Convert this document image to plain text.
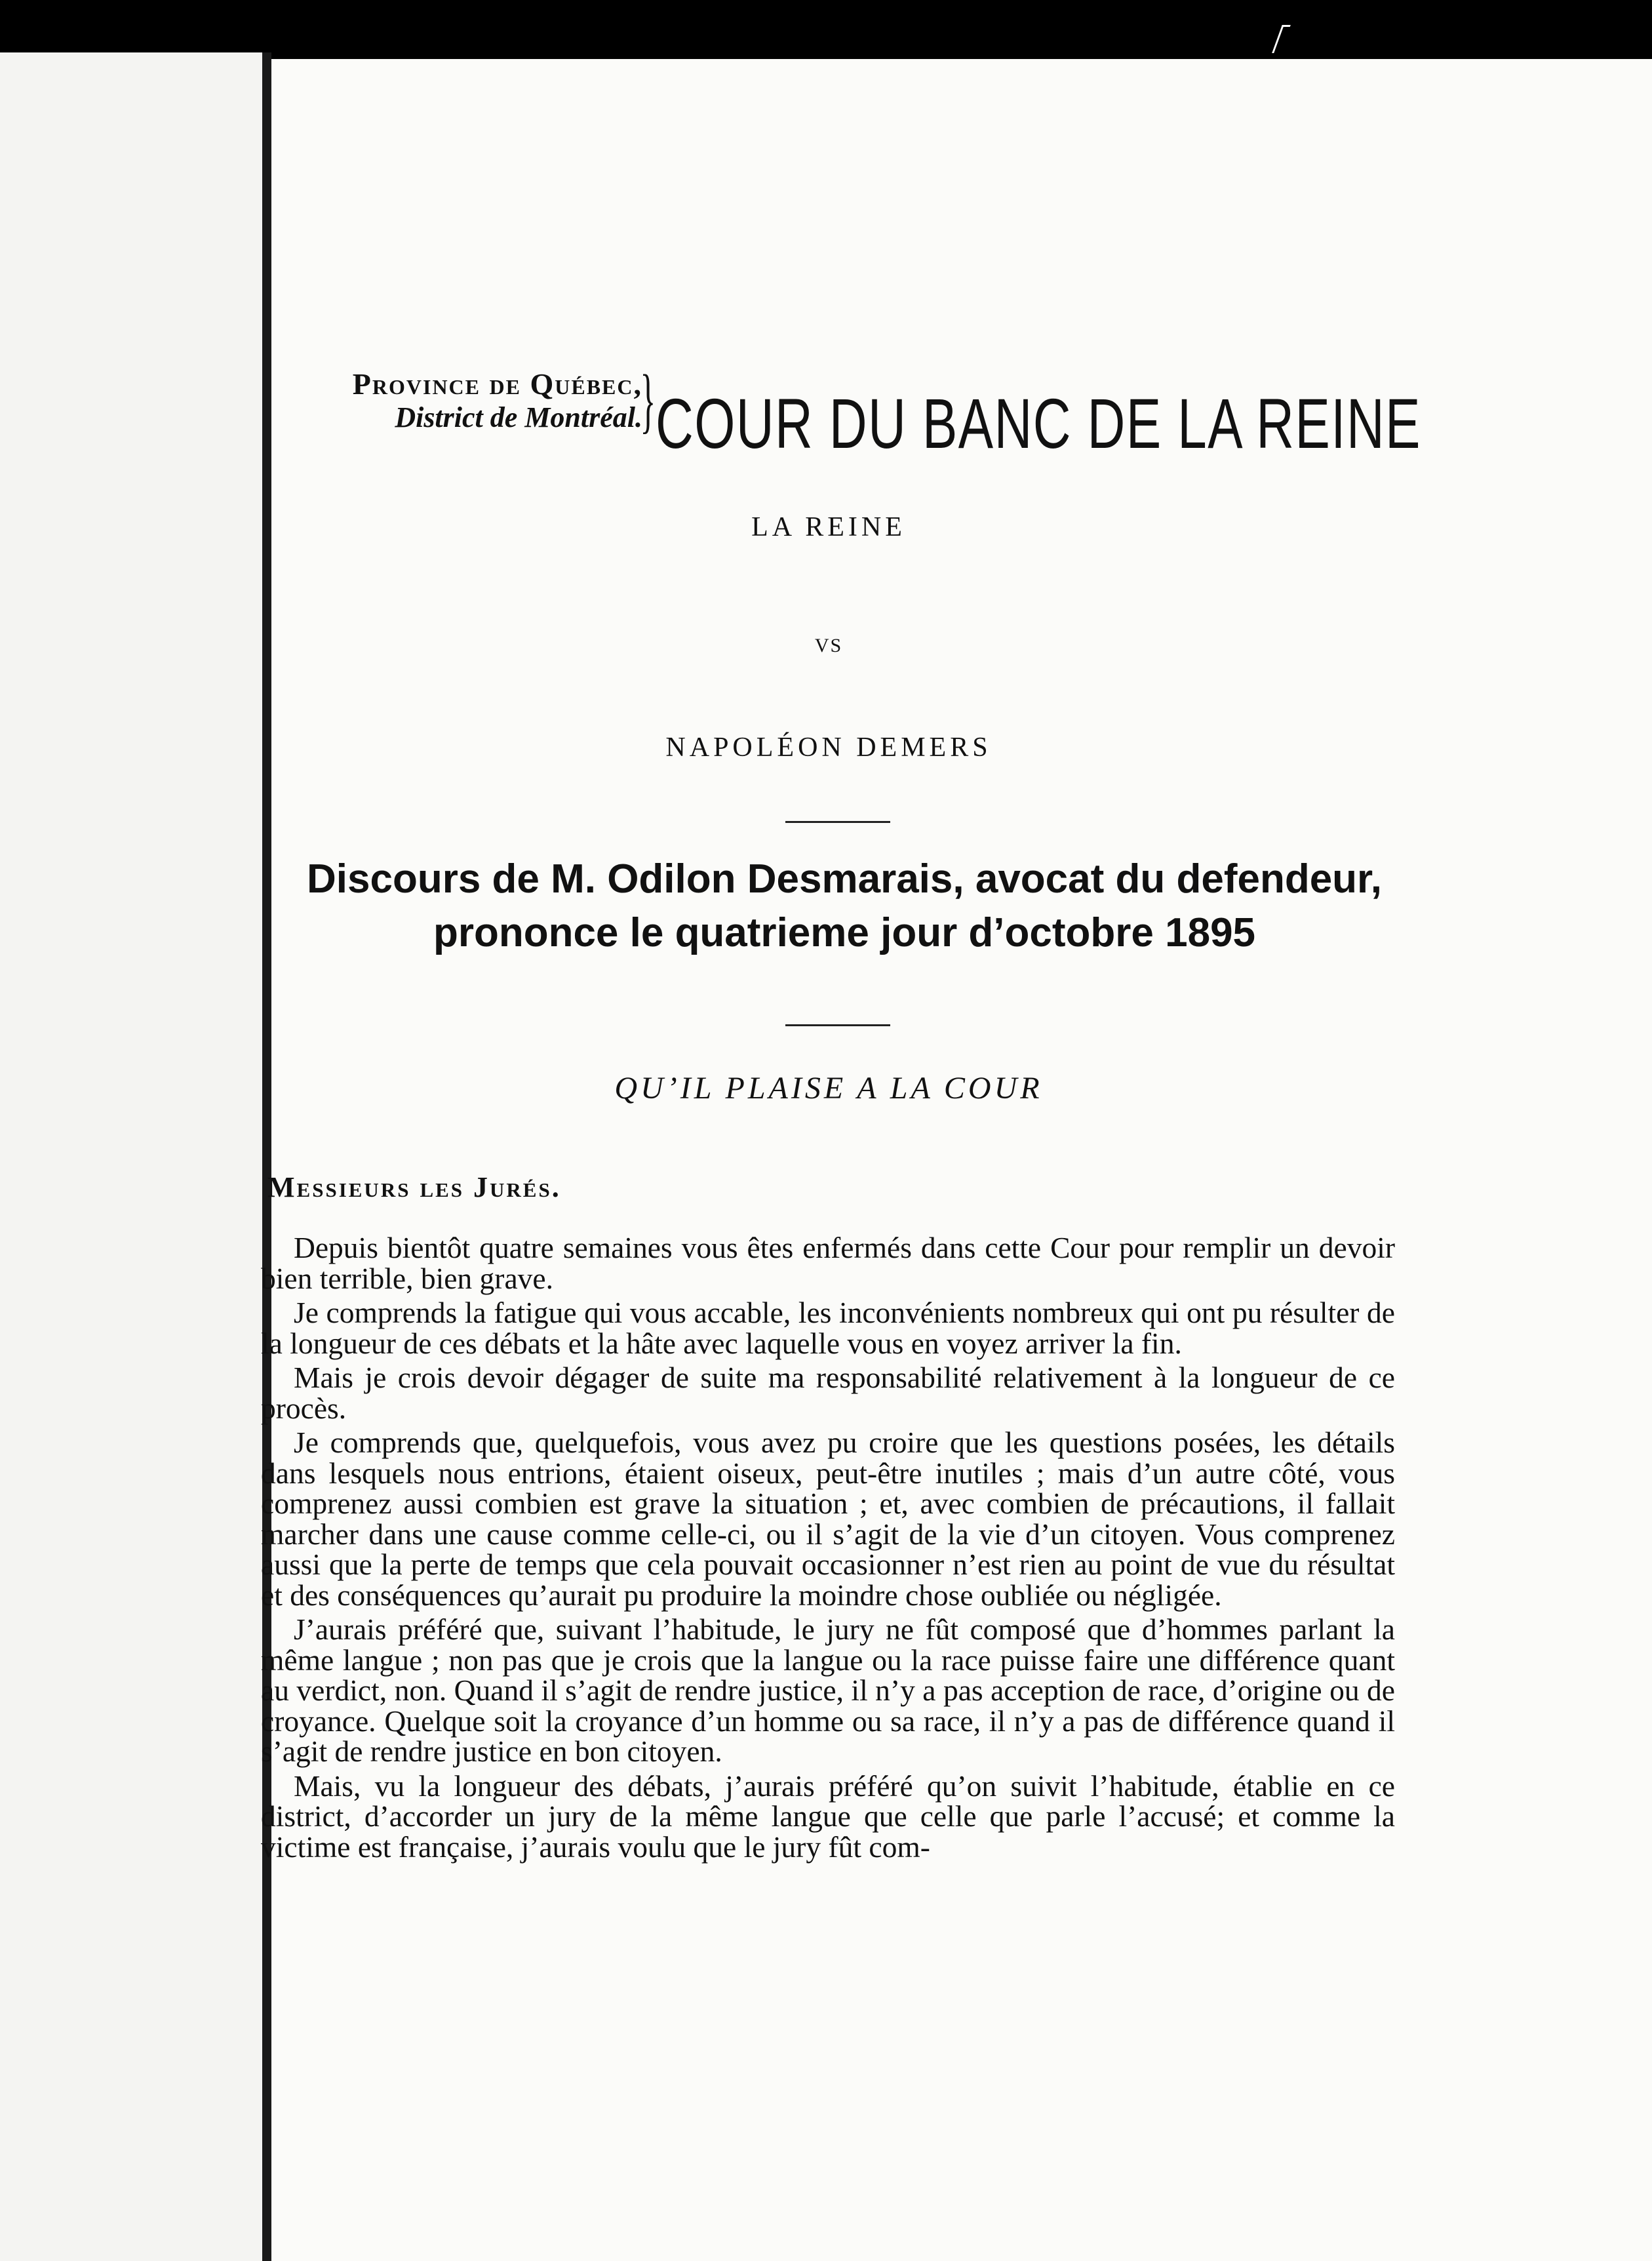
Province de Québec,
District de Montréal.
} COUR DU BANC DE LA REINE
LA REINE
VS
NAPOLÉON DEMERS
Discours de M. Odilon Desmarais, avocat du defendeur, prononce le quatrieme jour d’octobre 1895
QU’IL PLAISE A LA COUR
Messieurs les Jurés.

Depuis bientôt quatre semaines vous êtes enfermés dans cette Cour pour remplir un devoir bien terrible, bien grave.

Je comprends la fatigue qui vous accable, les inconvénients nombreux qui ont pu résulter de la longueur de ces débats et la hâte avec laquelle vous en voyez arriver la fin.

Mais je crois devoir dégager de suite ma responsabilité relativement à la longueur de ce procès.

Je comprends que, quelquefois, vous avez pu croire que les questions posées, les détails dans lesquels nous entrions, étaient oiseux, peut-être inutiles ; mais d’un autre côté, vous comprenez aussi combien est grave la situation ; et, avec combien de précautions, il fallait marcher dans une cause comme celle-ci, ou il s’agit de la vie d’un citoyen. Vous comprenez aussi que la perte de temps que cela pouvait occasionner n’est rien au point de vue du résultat et des conséquences qu’aurait pu produire la moindre chose oubliée ou négligée.

J’aurais préféré que, suivant l’habitude, le jury ne fût composé que d’hommes parlant la même langue ; non pas que je crois que la langue ou la race puisse faire une différence quant au verdict, non. Quand il s’agit de rendre justice, il n’y a pas acception de race, d’origine ou de croyance. Quelque soit la croyance d’un homme ou sa race, il n’y a pas de différence quand il s’agit de rendre justice en bon citoyen.

Mais, vu la longueur des débats, j’aurais préféré qu’on suivit l’habitude, établie en ce district, d’accorder un jury de la même langue que celle que parle l’accusé; et comme la victime est française, j’aurais voulu que le jury fût com-
